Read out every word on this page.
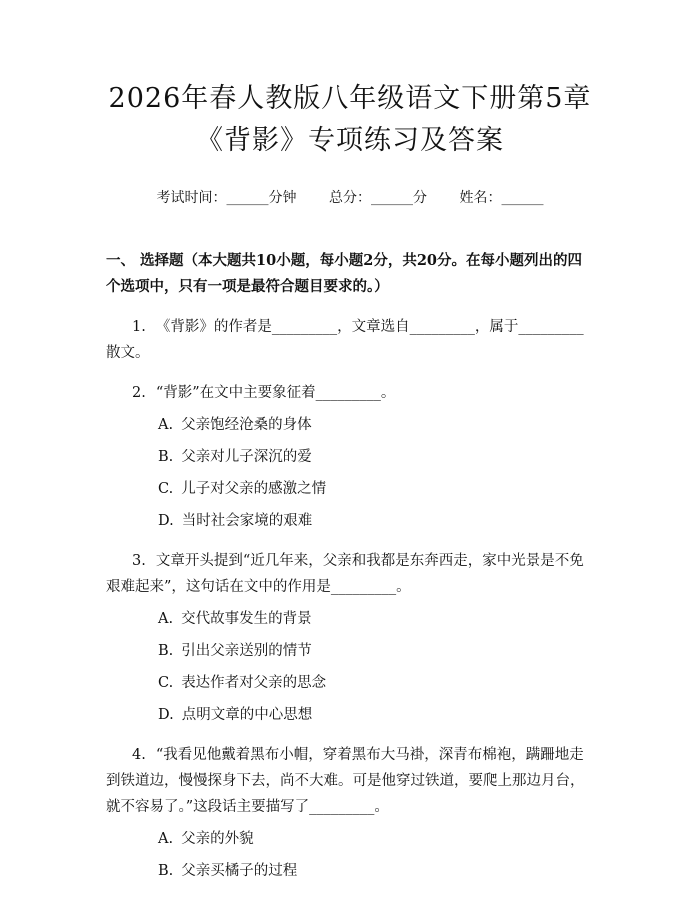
2026年春人教版八年级语文下册第5章《背影》专项练习及答案
考试时间：______分钟 总分：______分 姓名：______
一、 选择题（本大题共10小题，每小题2分，共20分。在每小题列出的四个选项中，只有一项是最符合题目要求的。）
1. 《背影》的作者是_________，文章选自_________，属于_________散文。
2. “背影”在文中主要象征着_________。
A. 父亲饱经沧桑的身体
B. 父亲对儿子深沉的爱
C. 儿子对父亲的感激之情
D. 当时社会家境的艰难
3. 文章开头提到“近几年来，父亲和我都是东奔西走，家中光景是不免艰难起来”，这句话在文中的作用是_________。
A. 交代故事发生的背景
B. 引出父亲送别的情节
C. 表达作者对父亲的思念
D. 点明文章的中心思想
4. “我看见他戴着黑布小帽，穿着黑布大马褂，深青布棉袍，蹒跚地走到铁道边，慢慢探身下去，尚不大难。可是他穿过铁道，要爬上那边月台，就不容易了。”这段话主要描写了_________。
A. 父亲的外貌
B. 父亲买橘子的过程
